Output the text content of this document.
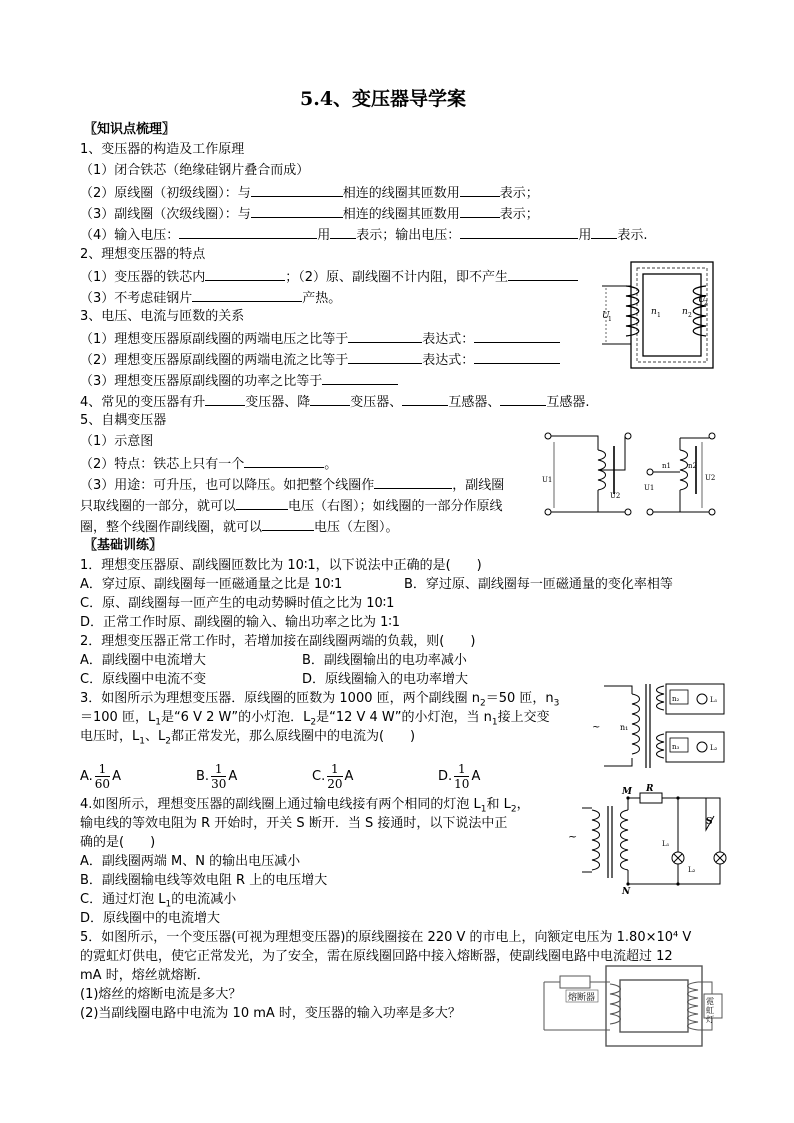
5.4、变压器导学案
〖知识点梳理〗
1、变压器的构造及工作原理
（1）闭合铁芯（绝缘硅钢片叠合而成）
（2）原线圈（初级线圈）：与	相连的线圈其匝数用	表示；
（3）副线圈（次级线圈）：与	相连的线圈其匝数用	表示；
（4）输入电压：	用 表示；输出电压：	用 表示.
2、理想变压器的特点
（1）变压器的铁芯内	；（2）原、副线圈不计内阻，即不产生
（3）不考虑硅钢片	产热。
3、电压、电流与匝数的关系
（1）理想变压器原副线圈的两端电压之比等于	表达式：
（2）理想变压器原副线圈的两端电流之比等于	表达式：
（3）理想变压器原副线圈的功率之比等于
4、常见的变压器有升	变压器、降	变压器、	互感器、	互感器.
5、自耦变压器
（1）示意图
（2）特点：铁芯上只有一个	。
（3）用途：可升压，也可以降压。如把整个线圈作	，副线圈
只取线圈的一部分，就可以	电压（右图）；如线圈的一部分作原线
圈，整个线圈作副线圈，就可以	电压（左图）。
〖基础训练〗
1．理想变压器原、副线圈匝数比为 10∶1，以下说法中正确的是(　　)
A．穿过原、副线圈每一匝磁通量之比是 10∶1	B．穿过原、副线圈每一匝磁通量的变化率相等
C．原、副线圈每一匝产生的电动势瞬时值之比为 10∶1
D．正常工作时原、副线圈的输入、输出功率之比为 1∶1
2．理想变压器正常工作时，若增加接在副线圈两端的负载，则(　　)
A．副线圈中电流增大	B．副线圈输出的电功率减小
C．原线圈中电流不变	D．原线圈输入的电功率增大
3．如图所示为理想变压器．原线圈的匝数为 1000 匝，两个副线圈 $n_2=50$ 匝，$n_3$
＝100 匝，$L_1$是“6 V 2 W”的小灯泡．$L_2$是“12 V 4 W”的小灯泡，当 $n_1$接上交变
电压时，$L_1$、$L_2$都正常发光，那么原线圈中的电流为(　　)
A. $\frac{1}{60}$ A	B. $\frac{1}{30}$ A	C. $\frac{1}{20}$ A	D. $\frac{1}{10}$ A
4.如图所示，理想变压器的副线圈上通过输电线接有两个相同的灯泡 $L_1$和 $L_2$，
输电线的等效电阻为 R 开始时，开关 S 断开．当 S 接通时，以下说法中正
确的是(　　)
A．副线圈两端 M、N 的输出电压减小
B．副线圈输电线等效电阻 R 上的电压增大
C．通过灯泡 $L_1$的电流减小
D．原线圈中的电流增大
5．如图所示，一个变压器(可视为理想变压器)的原线圈接在 220 V 的市电上，向额定电压为 1.80×10⁴ V
的霓虹灯供电，使它正常发光，为了安全，需在原线圈回路中接入熔断器，使副线圈电路中电流超过 12
mA 时，熔丝就熔断．
(1)熔丝的熔断电流是多大？
(2)当副线圈电路中电流为 10 mA 时，变压器的输入功率是多大？
U
1
n 1 n 2
U
2
U1
U2
U1
n1 n2
U2
~ n₁
n₂	L₁
n₃	L₂
~
M
N
R
S
L₁
L₂
熔断器	霓虹灯
